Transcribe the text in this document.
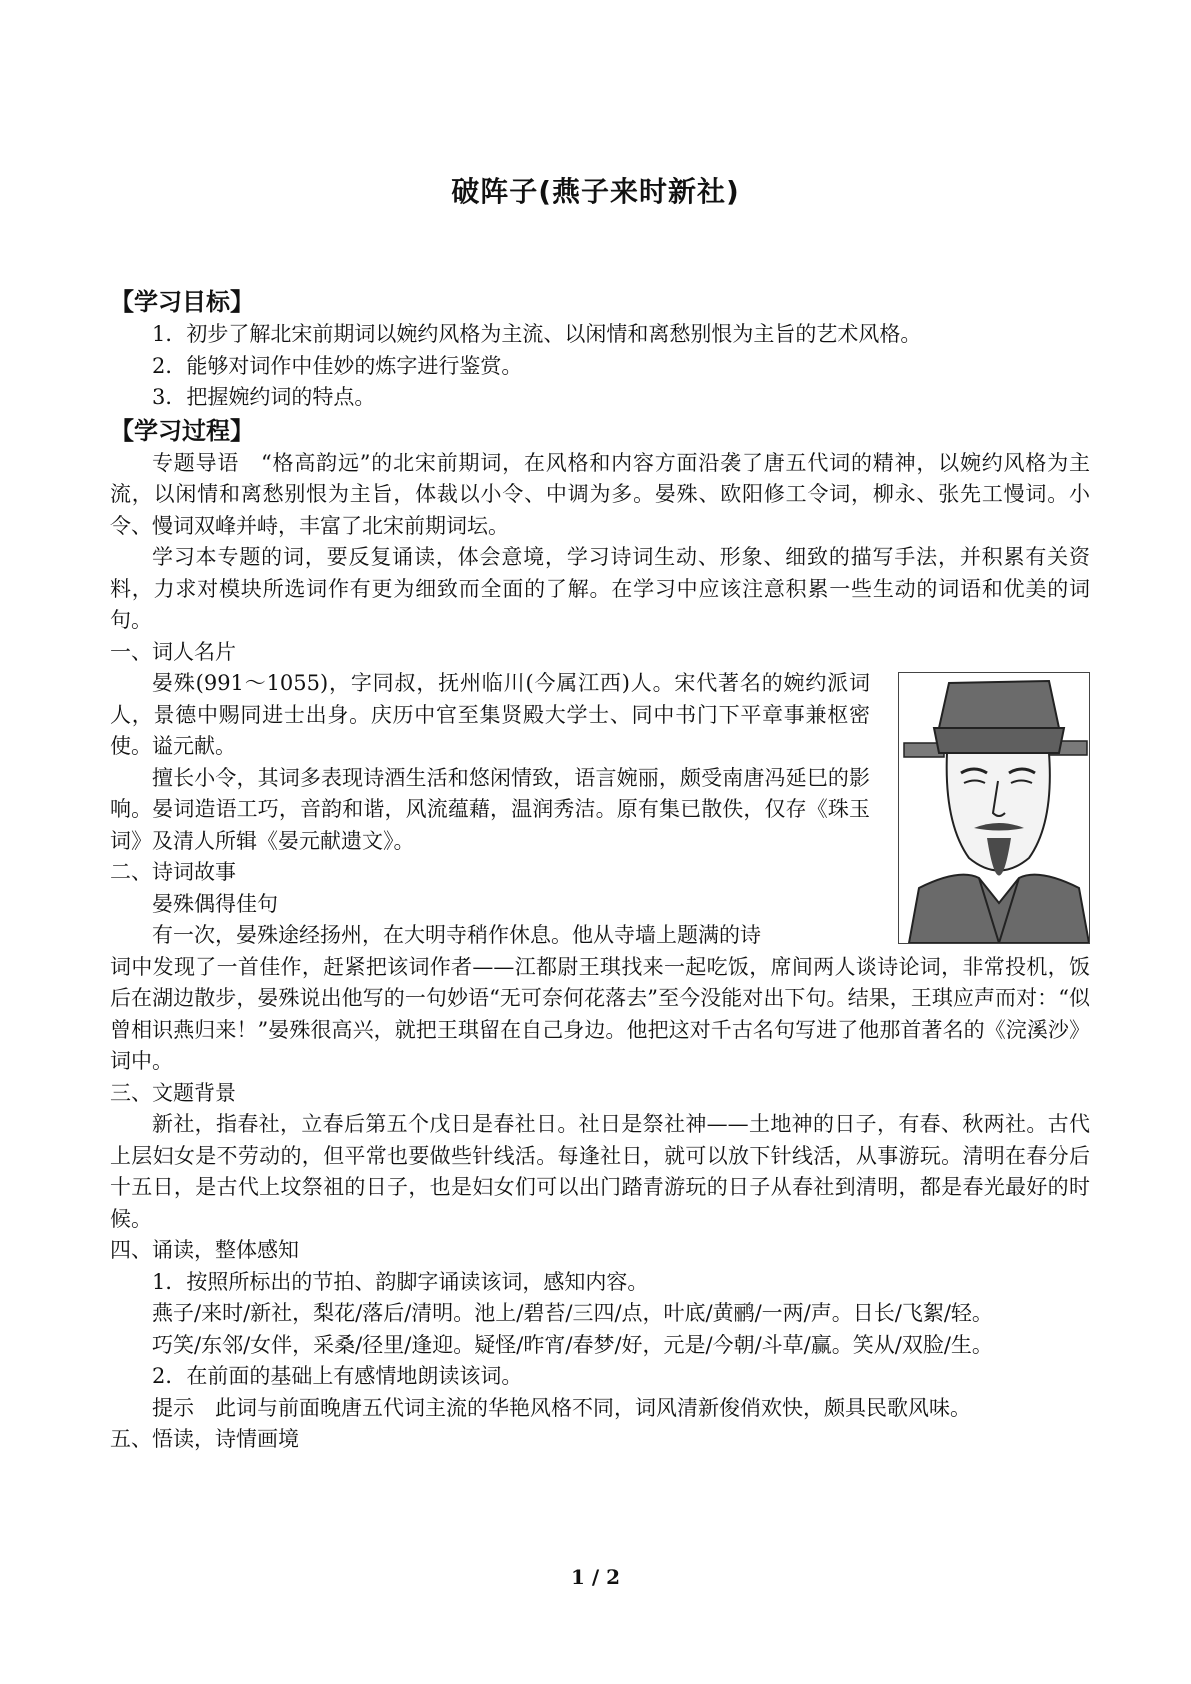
破阵子(燕子来时新社)
【学习目标】

1．初步了解北宋前期词以婉约风格为主流、以闲情和离愁别恨为主旨的艺术风格。

2．能够对词作中佳妙的炼字进行鉴赏。

3．把握婉约词的特点。

【学习过程】

专题导语　“格高韵远”的北宋前期词，在风格和内容方面沿袭了唐五代词的精神，以婉约风格为主流，以闲情和离愁别恨为主旨，体裁以小令、中调为多。晏殊、欧阳修工令词，柳永、张先工慢词。小令、慢词双峰并峙，丰富了北宋前期词坛。

学习本专题的词，要反复诵读，体会意境，学习诗词生动、形象、细致的描写手法，并积累有关资料，力求对模块所选词作有更为细致而全面的了解。在学习中应该注意积累一些生动的词语和优美的词句。

一、词人名片

晏殊(991～1055)，字同叔，抚州临川(今属江西)人。宋代著名的婉约派词人，景德中赐同进士出身。庆历中官至集贤殿大学士、同中书门下平章事兼枢密使。谥元献。

擅长小令，其词多表现诗酒生活和悠闲情致，语言婉丽，颇受南唐冯延巳的影响。晏词造语工巧，音韵和谐，风流蕴藉，温润秀洁。原有集已散佚，仅存《珠玉词》及清人所辑《晏元献遗文》。

二、诗词故事

晏殊偶得佳句

有一次，晏殊途经扬州，在大明寺稍作休息。他从寺墙上题满的诗

词中发现了一首佳作，赶紧把该词作者——江都尉王琪找来一起吃饭，席间两人谈诗论词，非常投机，饭后在湖边散步，晏殊说出他写的一句妙语“无可奈何花落去”至今没能对出下句。结果，王琪应声而对：“似曾相识燕归来！”晏殊很高兴，就把王琪留在自己身边。他把这对千古名句写进了他那首著名的《浣溪沙》词中。

三、文题背景

新社，指春社，立春后第五个戊日是春社日。社日是祭社神——土地神的日子，有春、秋两社。古代上层妇女是不劳动的，但平常也要做些针线活。每逢社日，就可以放下针线活，从事游玩。清明在春分后十五日，是古代上坟祭祖的日子，也是妇女们可以出门踏青游玩的日子从春社到清明，都是春光最好的时候。

四、诵读，整体感知

1．按照所标出的节拍、韵脚字诵读该词，感知内容。

燕子/来时/新社，梨花/落后/清明。池上/碧苔/三四/点，叶底/黄鹂/一两/声。日长/飞絮/轻。

巧笑/东邻/女伴，采桑/径里/逢迎。疑怪/昨宵/春梦/好，元是/今朝/斗草/赢。笑从/双脸/生。

2．在前面的基础上有感情地朗读该词。

提示　此词与前面晚唐五代词主流的华艳风格不同，词风清新俊俏欢快，颇具民歌风味。

五、悟读，诗情画境

1 / 2
